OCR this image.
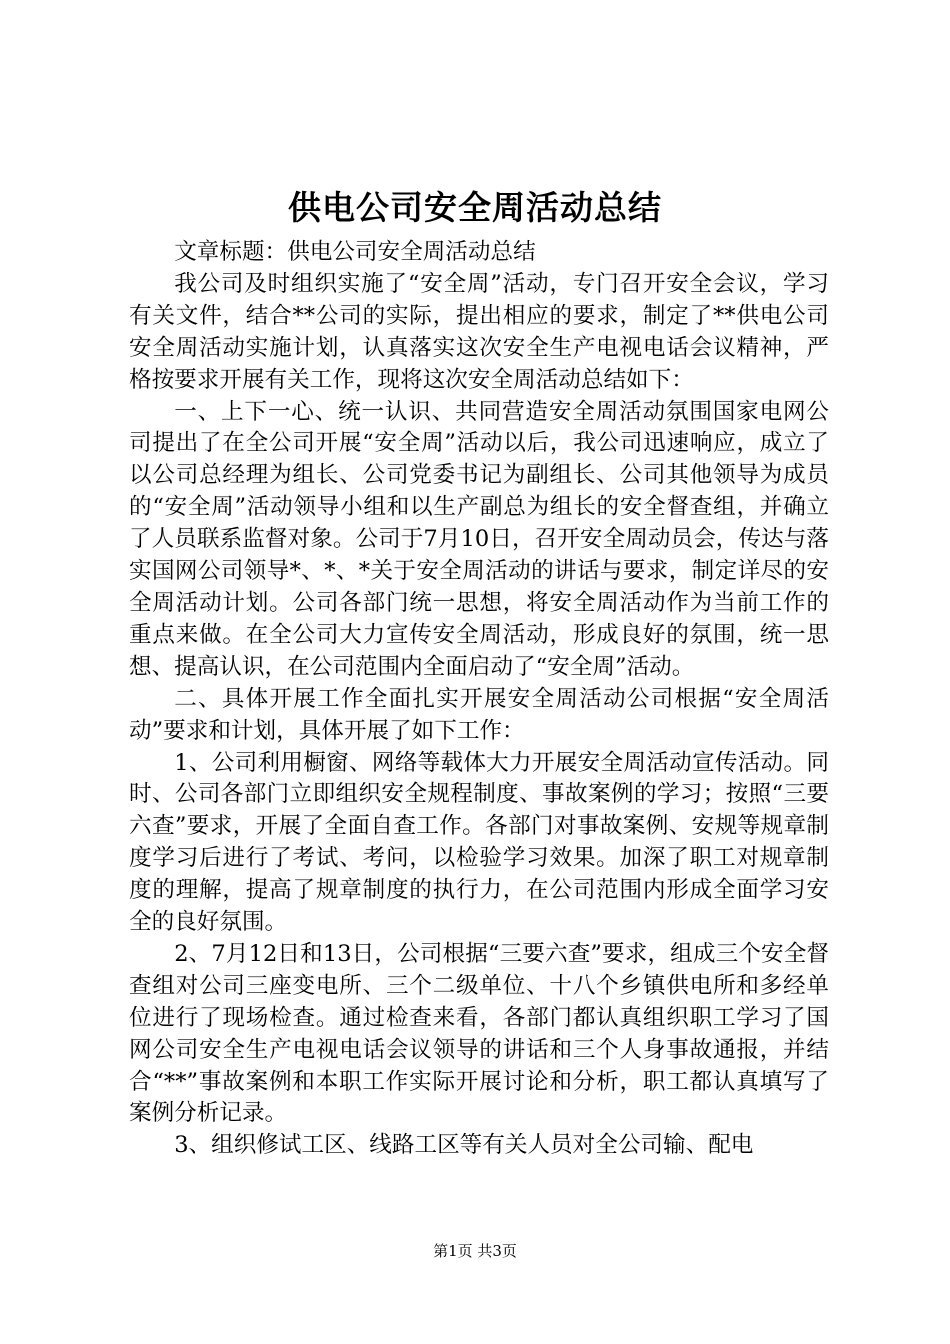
供电公司安全周活动总结

文章标题：供电公司安全周活动总结

我公司及时组织实施了“安全周”活动，专门召开安全会议，学习有关文件，结合**公司的实际，提出相应的要求，制定了**供电公司安全周活动实施计划，认真落实这次安全生产电视电话会议精神，严格按要求开展有关工作，现将这次安全周活动总结如下：

一、上下一心、统一认识、共同营造安全周活动氛围国家电网公司提出了在全公司开展“安全周”活动以后，我公司迅速响应，成立了以公司总经理为组长、公司党委书记为副组长、公司其他领导为成员的“安全周”活动领导小组和以生产副总为组长的安全督查组，并确立了人员联系监督对象。公司于7月10日，召开安全周动员会，传达与落实国网公司领导*、*、*关于安全周活动的讲话与要求，制定详尽的安全周活动计划。公司各部门统一思想，将安全周活动作为当前工作的重点来做。在全公司大力宣传安全周活动，形成良好的氛围，统一思想、提高认识，在公司范围内全面启动了“安全周”活动。

二、具体开展工作全面扎实开展安全周活动公司根据“安全周活动”要求和计划，具体开展了如下工作：

1、公司利用橱窗、网络等载体大力开展安全周活动宣传活动。同时、公司各部门立即组织安全规程制度、事故案例的学习；按照“三要六查”要求，开展了全面自查工作。各部门对事故案例、安规等规章制度学习后进行了考试、考问，以检验学习效果。加深了职工对规章制度的理解，提高了规章制度的执行力，在公司范围内形成全面学习安全的良好氛围。

2、7月12日和13日，公司根据“三要六查”要求，组成三个安全督查组对公司三座变电所、三个二级单位、十八个乡镇供电所和多经单位进行了现场检查。通过检查来看，各部门都认真组织职工学习了国网公司安全生产电视电话会议领导的讲话和三个人身事故通报，并结合“**”事故案例和本职工作实际开展讨论和分析，职工都认真填写了案例分析记录。

3、组织修试工区、线路工区等有关人员对全公司输、配电

第1页 共3页
